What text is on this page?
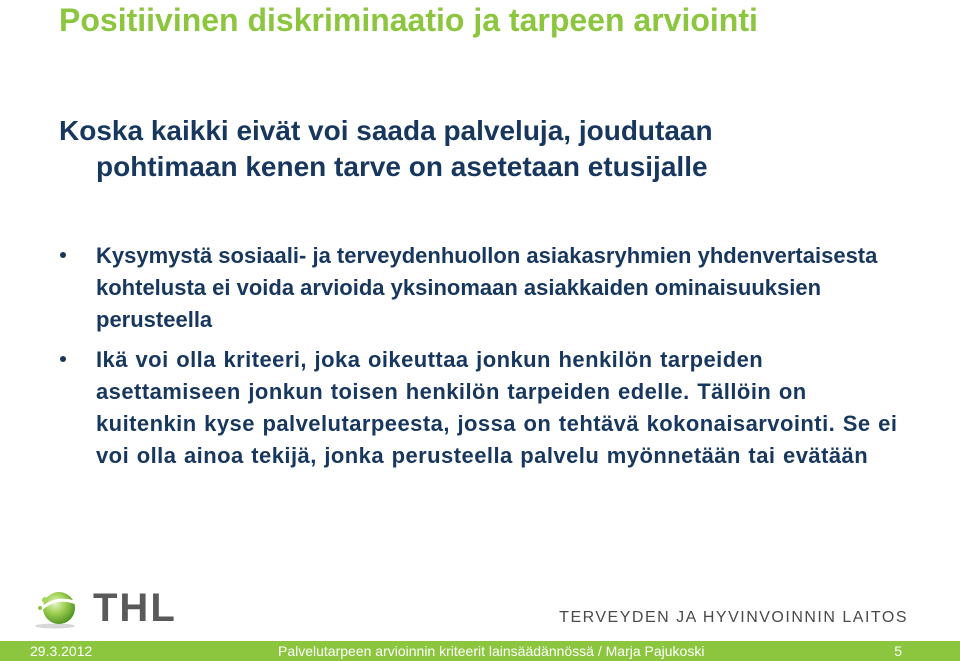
Positiivinen diskriminaatio ja tarpeen arviointi

Koska kaikki eivät voi saada palveluja, joudutaan
pohtimaan kenen tarve on asetetaan etusijalle

Kysymystä sosiaali- ja terveydenhuollon asiakasryhmien yhdenvertaisesta kohtelusta ei voida arvioida yksinomaan asiakkaiden ominaisuuksien perusteella
Ikä voi olla kriteeri, joka oikeuttaa jonkun henkilön tarpeiden asettamiseen jonkun toisen henkilön tarpeiden edelle. Tällöin on kuitenkin kyse palvelutarpeesta, jossa on tehtävä kokonaisarvointi. Se ei voi olla ainoa tekijä, jonka perusteella palvelu myönnetään tai evätään
THL	TERVEYDEN JA HYVINVOINNIN LAITOS
29.3.2012	Palvelutarpeen arvioinnin kriteerit lainsäädännössä / Marja Pajukoski	5
